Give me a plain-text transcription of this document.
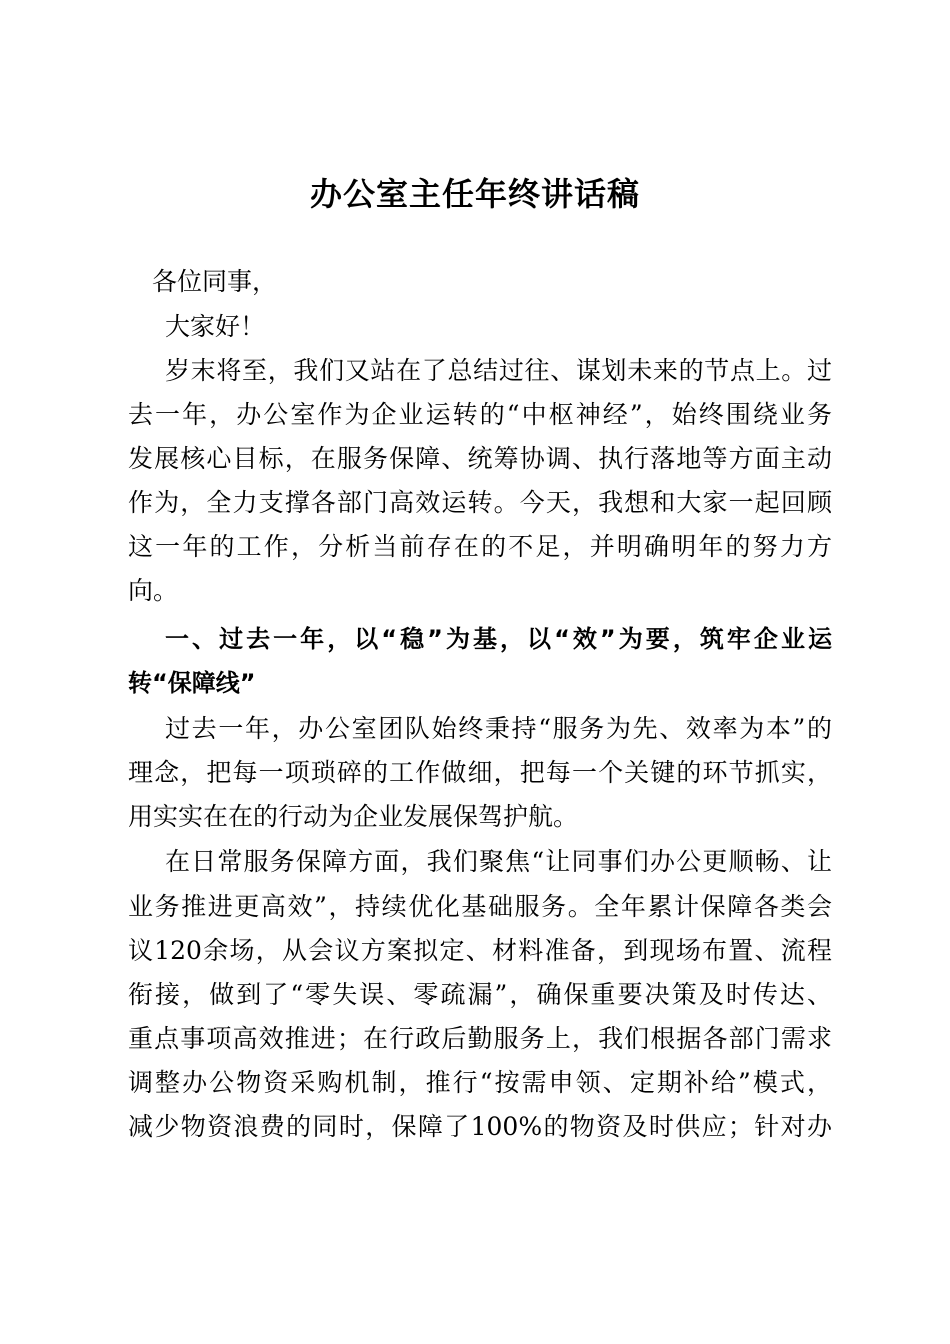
办公室主任年终讲话稿
各位同事，
大家好！
岁末将至，我们又站在了总结过往、谋划未来的节点上。过
去一年，办公室作为企业运转的“中枢神经”，始终围绕业务
发展核心目标，在服务保障、统筹协调、执行落地等方面主动
作为，全力支撑各部门高效运转。今天，我想和大家一起回顾
这一年的工作，分析当前存在的不足，并明确明年的努力方
向。
一、过去一年，以“稳”为基，以“效”为要，筑牢企业运
转“保障线”
过去一年，办公室团队始终秉持“服务为先、效率为本”的
理念，把每一项琐碎的工作做细，把每一个关键的环节抓实，
用实实在在的行动为企业发展保驾护航。
在日常服务保障方面，我们聚焦“让同事们办公更顺畅、让
业务推进更高效”，持续优化基础服务。全年累计保障各类会
议120余场，从会议方案拟定、材料准备，到现场布置、流程
衔接，做到了“零失误、零疏漏”，确保重要决策及时传达、
重点事项高效推进；在行政后勤服务上，我们根据各部门需求
调整办公物资采购机制，推行“按需申领、定期补给”模式，
减少物资浪费的同时，保障了100%的物资及时供应；针对办
